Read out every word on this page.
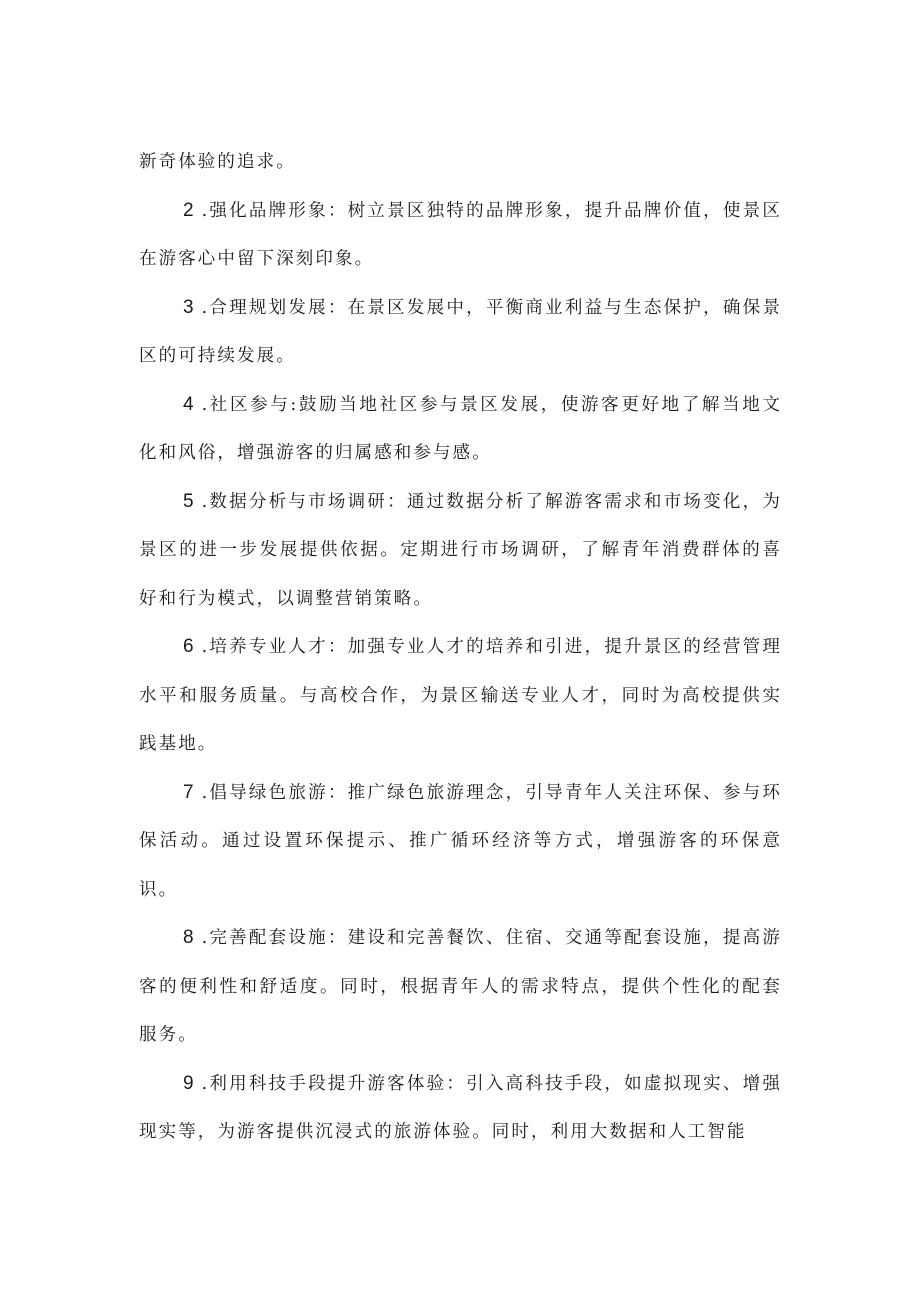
新奇体验的追求。

2 .强化品牌形象：树立景区独特的品牌形象，提升品牌价值，使景区在游客心中留下深刻印象。

3 .合理规划发展：在景区发展中，平衡商业利益与生态保护，确保景区的可持续发展。

4 .社区参与:鼓励当地社区参与景区发展，使游客更好地了解当地文化和风俗，增强游客的归属感和参与感。

5 .数据分析与市场调研：通过数据分析了解游客需求和市场变化，为景区的进一步发展提供依据。定期进行市场调研，了解青年消费群体的喜好和行为模式，以调整营销策略。

6 .培养专业人才：加强专业人才的培养和引进，提升景区的经营管理水平和服务质量。与高校合作，为景区输送专业人才，同时为高校提供实践基地。

7 .倡导绿色旅游：推广绿色旅游理念，引导青年人关注环保、参与环保活动。通过设置环保提示、推广循环经济等方式，增强游客的环保意识。

8 .完善配套设施：建设和完善餐饮、住宿、交通等配套设施，提高游客的便利性和舒适度。同时，根据青年人的需求特点，提供个性化的配套服务。

9 .利用科技手段提升游客体验：引入高科技手段，如虚拟现实、增强现实等，为游客提供沉浸式的旅游体验。同时，利用大数据和人工智能
